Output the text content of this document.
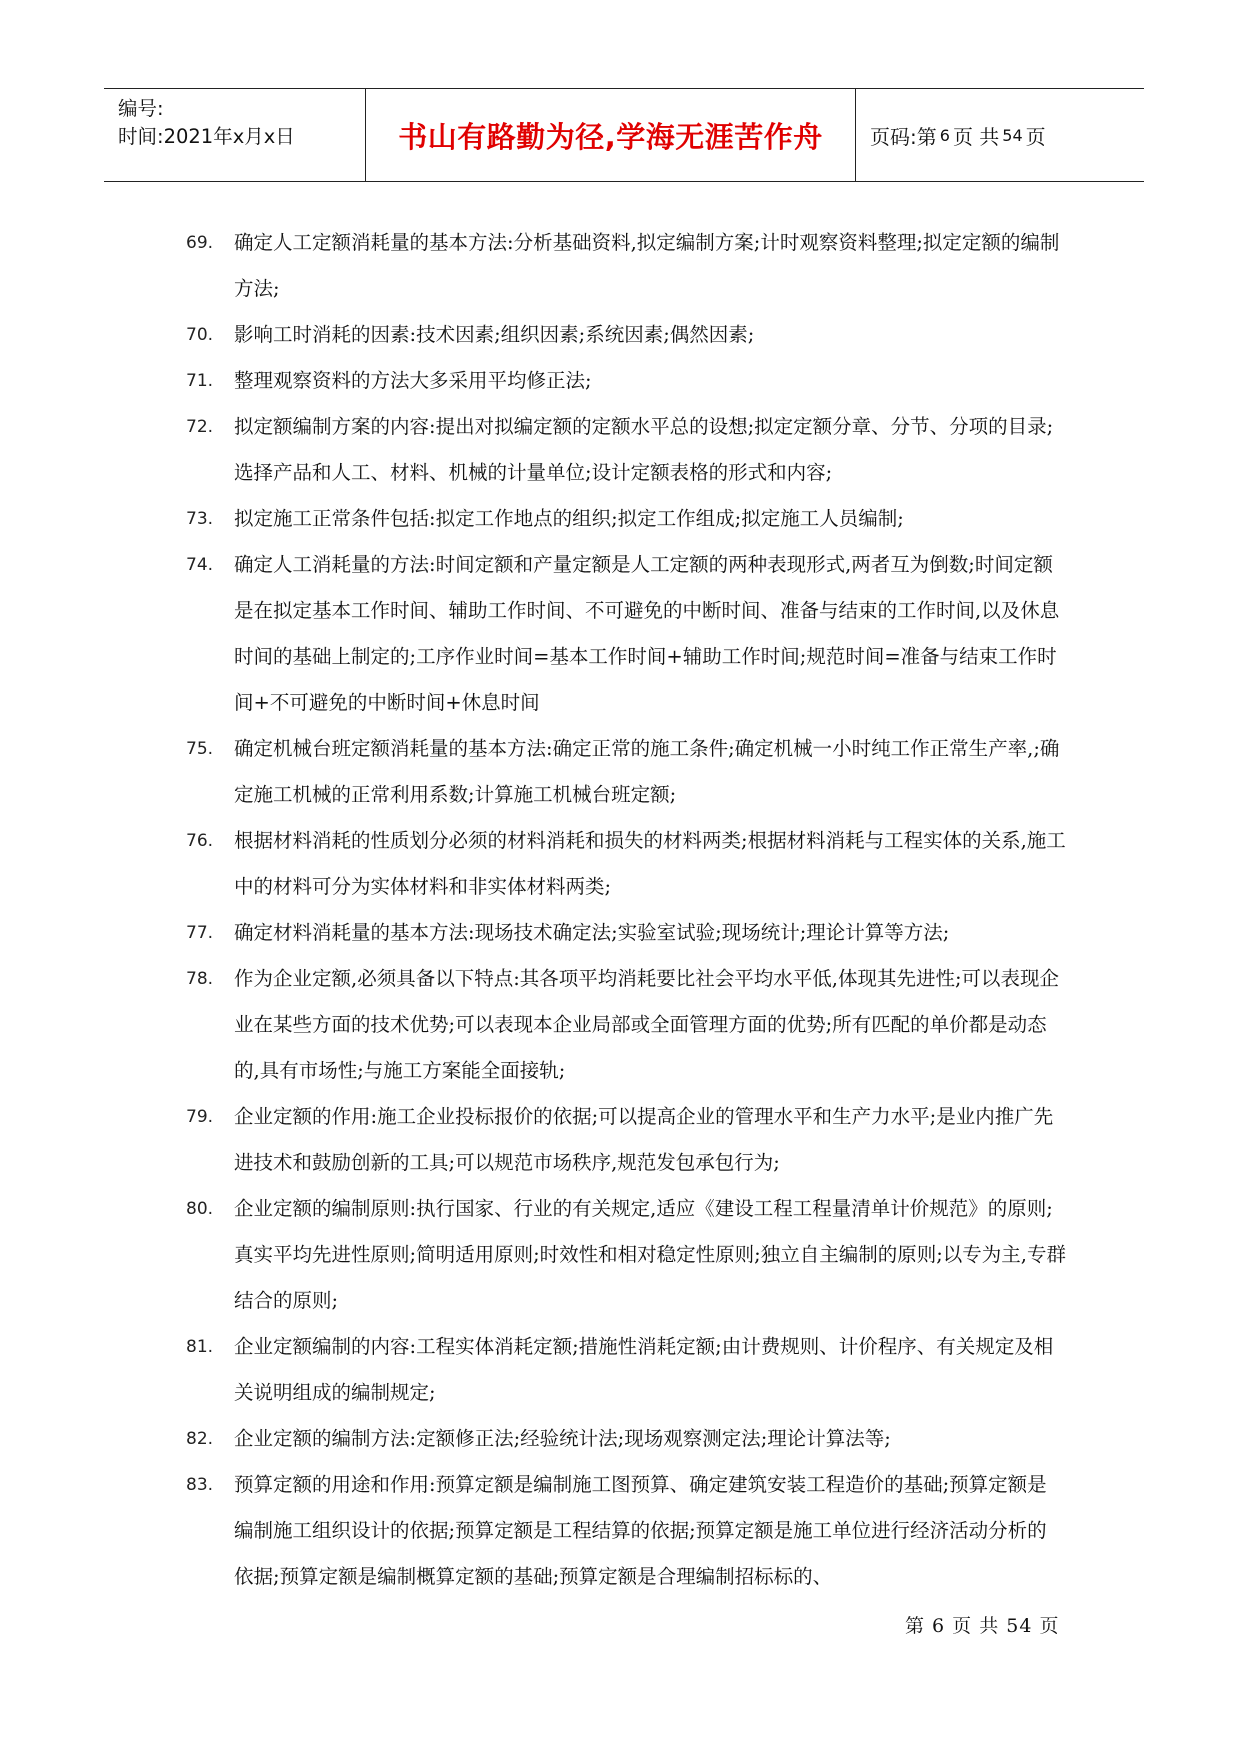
编号:
时间:2021年x月x日	书山有路勤为径,学海无涯苦作舟	页码:第 6 页 共 54 页
69. 确定人工定额消耗量的基本方法:分析基础资料,拟定编制方案;计时观察资料整理;拟定定额的编制方法;
70. 影响工时消耗的因素:技术因素;组织因素;系统因素;偶然因素;
71. 整理观察资料的方法大多采用平均修正法;
72. 拟定额编制方案的内容:提出对拟编定额的定额水平总的设想;拟定定额分章、分节、分项的目录;选择产品和人工、材料、机械的计量单位;设计定额表格的形式和内容;
73. 拟定施工正常条件包括:拟定工作地点的组织;拟定工作组成;拟定施工人员编制;
74. 确定人工消耗量的方法:时间定额和产量定额是人工定额的两种表现形式,两者互为倒数;时间定额是在拟定基本工作时间、辅助工作时间、不可避免的中断时间、准备与结束的工作时间,以及休息时间的基础上制定的;工序作业时间=基本工作时间+辅助工作时间;规范时间=准备与结束工作时间+不可避免的中断时间+休息时间
75. 确定机械台班定额消耗量的基本方法:确定正常的施工条件;确定机械一小时纯工作正常生产率,;确定施工机械的正常利用系数;计算施工机械台班定额;
76. 根据材料消耗的性质划分必须的材料消耗和损失的材料两类;根据材料消耗与工程实体的关系,施工中的材料可分为实体材料和非实体材料两类;
77. 确定材料消耗量的基本方法:现场技术确定法;实验室试验;现场统计;理论计算等方法;
78. 作为企业定额,必须具备以下特点:其各项平均消耗要比社会平均水平低,体现其先进性;可以表现企业在某些方面的技术优势;可以表现本企业局部或全面管理方面的优势;所有匹配的单价都是动态的,具有市场性;与施工方案能全面接轨;
79. 企业定额的作用:施工企业投标报价的依据;可以提高企业的管理水平和生产力水平;是业内推广先进技术和鼓励创新的工具;可以规范市场秩序,规范发包承包行为;
80. 企业定额的编制原则:执行国家、行业的有关规定,适应《建设工程工程量清单计价规范》的原则;真实平均先进性原则;简明适用原则;时效性和相对稳定性原则;独立自主编制的原则;以专为主,专群结合的原则;
81. 企业定额编制的内容:工程实体消耗定额;措施性消耗定额;由计费规则、计价程序、有关规定及相关说明组成的编制规定;
82. 企业定额的编制方法:定额修正法;经验统计法;现场观察测定法;理论计算法等;
83. 预算定额的用途和作用:预算定额是编制施工图预算、确定建筑安装工程造价的基础;预算定额是编制施工组织设计的依据;预算定额是工程结算的依据;预算定额是施工单位进行经济活动分析的依据;预算定额是编制概算定额的基础;预算定额是合理编制招标标的、
第 6 页 共 54 页
